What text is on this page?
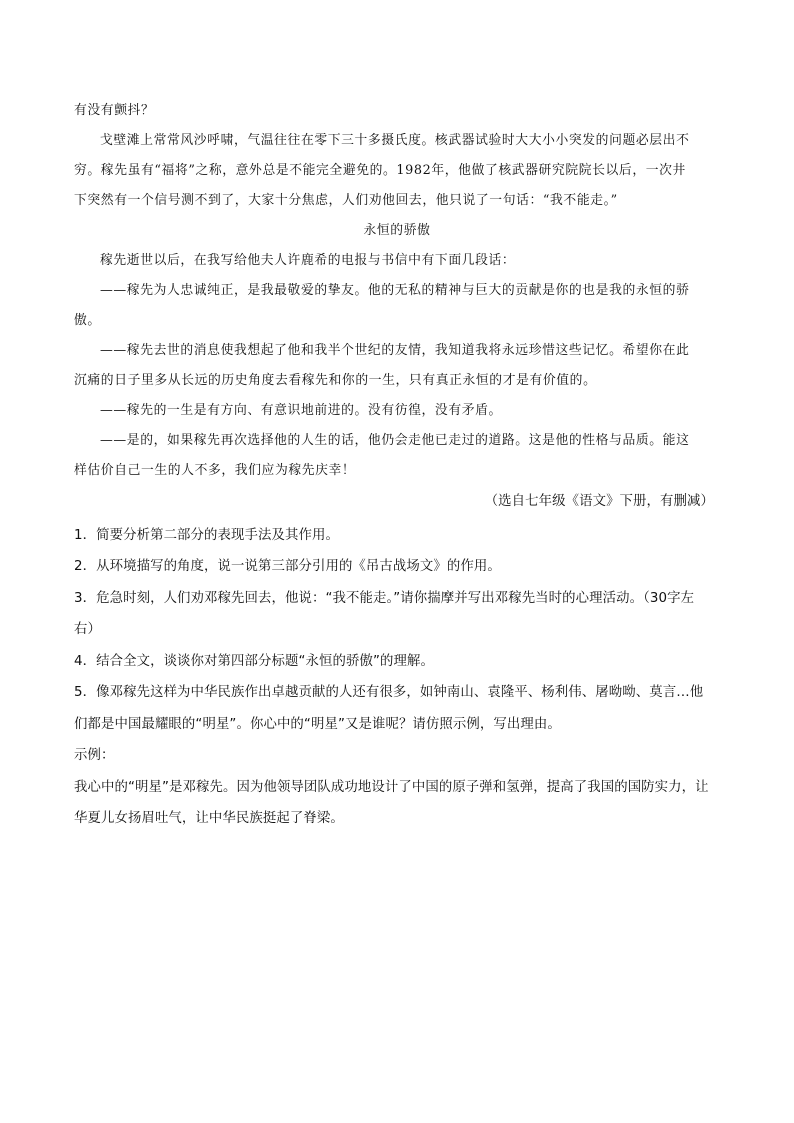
有没有颤抖？
戈壁滩上常常风沙呼啸，气温往往在零下三十多摄氏度。核武器试验时大大小小突发的问题必层出不
穷。稼先虽有“福将”之称，意外总是不能完全避免的。1982年，他做了核武器研究院院长以后，一次井
下突然有一个信号测不到了，大家十分焦虑，人们劝他回去，他只说了一句话：“我不能走。”
永恒的骄傲
稼先逝世以后，在我写给他夫人许鹿希的电报与书信中有下面几段话：
——稼先为人忠诚纯正，是我最敬爱的挚友。他的无私的精神与巨大的贡献是你的也是我的永恒的骄
傲。
——稼先去世的消息使我想起了他和我半个世纪的友情，我知道我将永远珍惜这些记忆。希望你在此
沉痛的日子里多从长远的历史角度去看稼先和你的一生，只有真正永恒的才是有价值的。
——稼先的一生是有方向、有意识地前进的。没有彷徨，没有矛盾。
——是的，如果稼先再次选择他的人生的话，他仍会走他已走过的道路。这是他的性格与品质。能这
样估价自己一生的人不多，我们应为稼先庆幸！
（选自七年级《语文》下册，有删减）
1．简要分析第二部分的表现手法及其作用。
2．从环境描写的角度，说一说第三部分引用的《吊古战场文》的作用。
3．危急时刻，人们劝邓稼先回去，他说：“我不能走。”请你揣摩并写出邓稼先当时的心理活动。（30字左
右）
4．结合全文，谈谈你对第四部分标题“永恒的骄傲”的理解。
5．像邓稼先这样为中华民族作出卓越贡献的人还有很多，如钟南山、袁隆平、杨利伟、屠呦呦、莫言…他
们都是中国最耀眼的“明星”。你心中的“明星”又是谁呢？请仿照示例，写出理由。
示例：
我心中的“明星”是邓稼先。因为他领导团队成功地设计了中国的原子弹和氢弹，提高了我国的国防实力，让
华夏儿女扬眉吐气，让中华民族挺起了脊梁。
